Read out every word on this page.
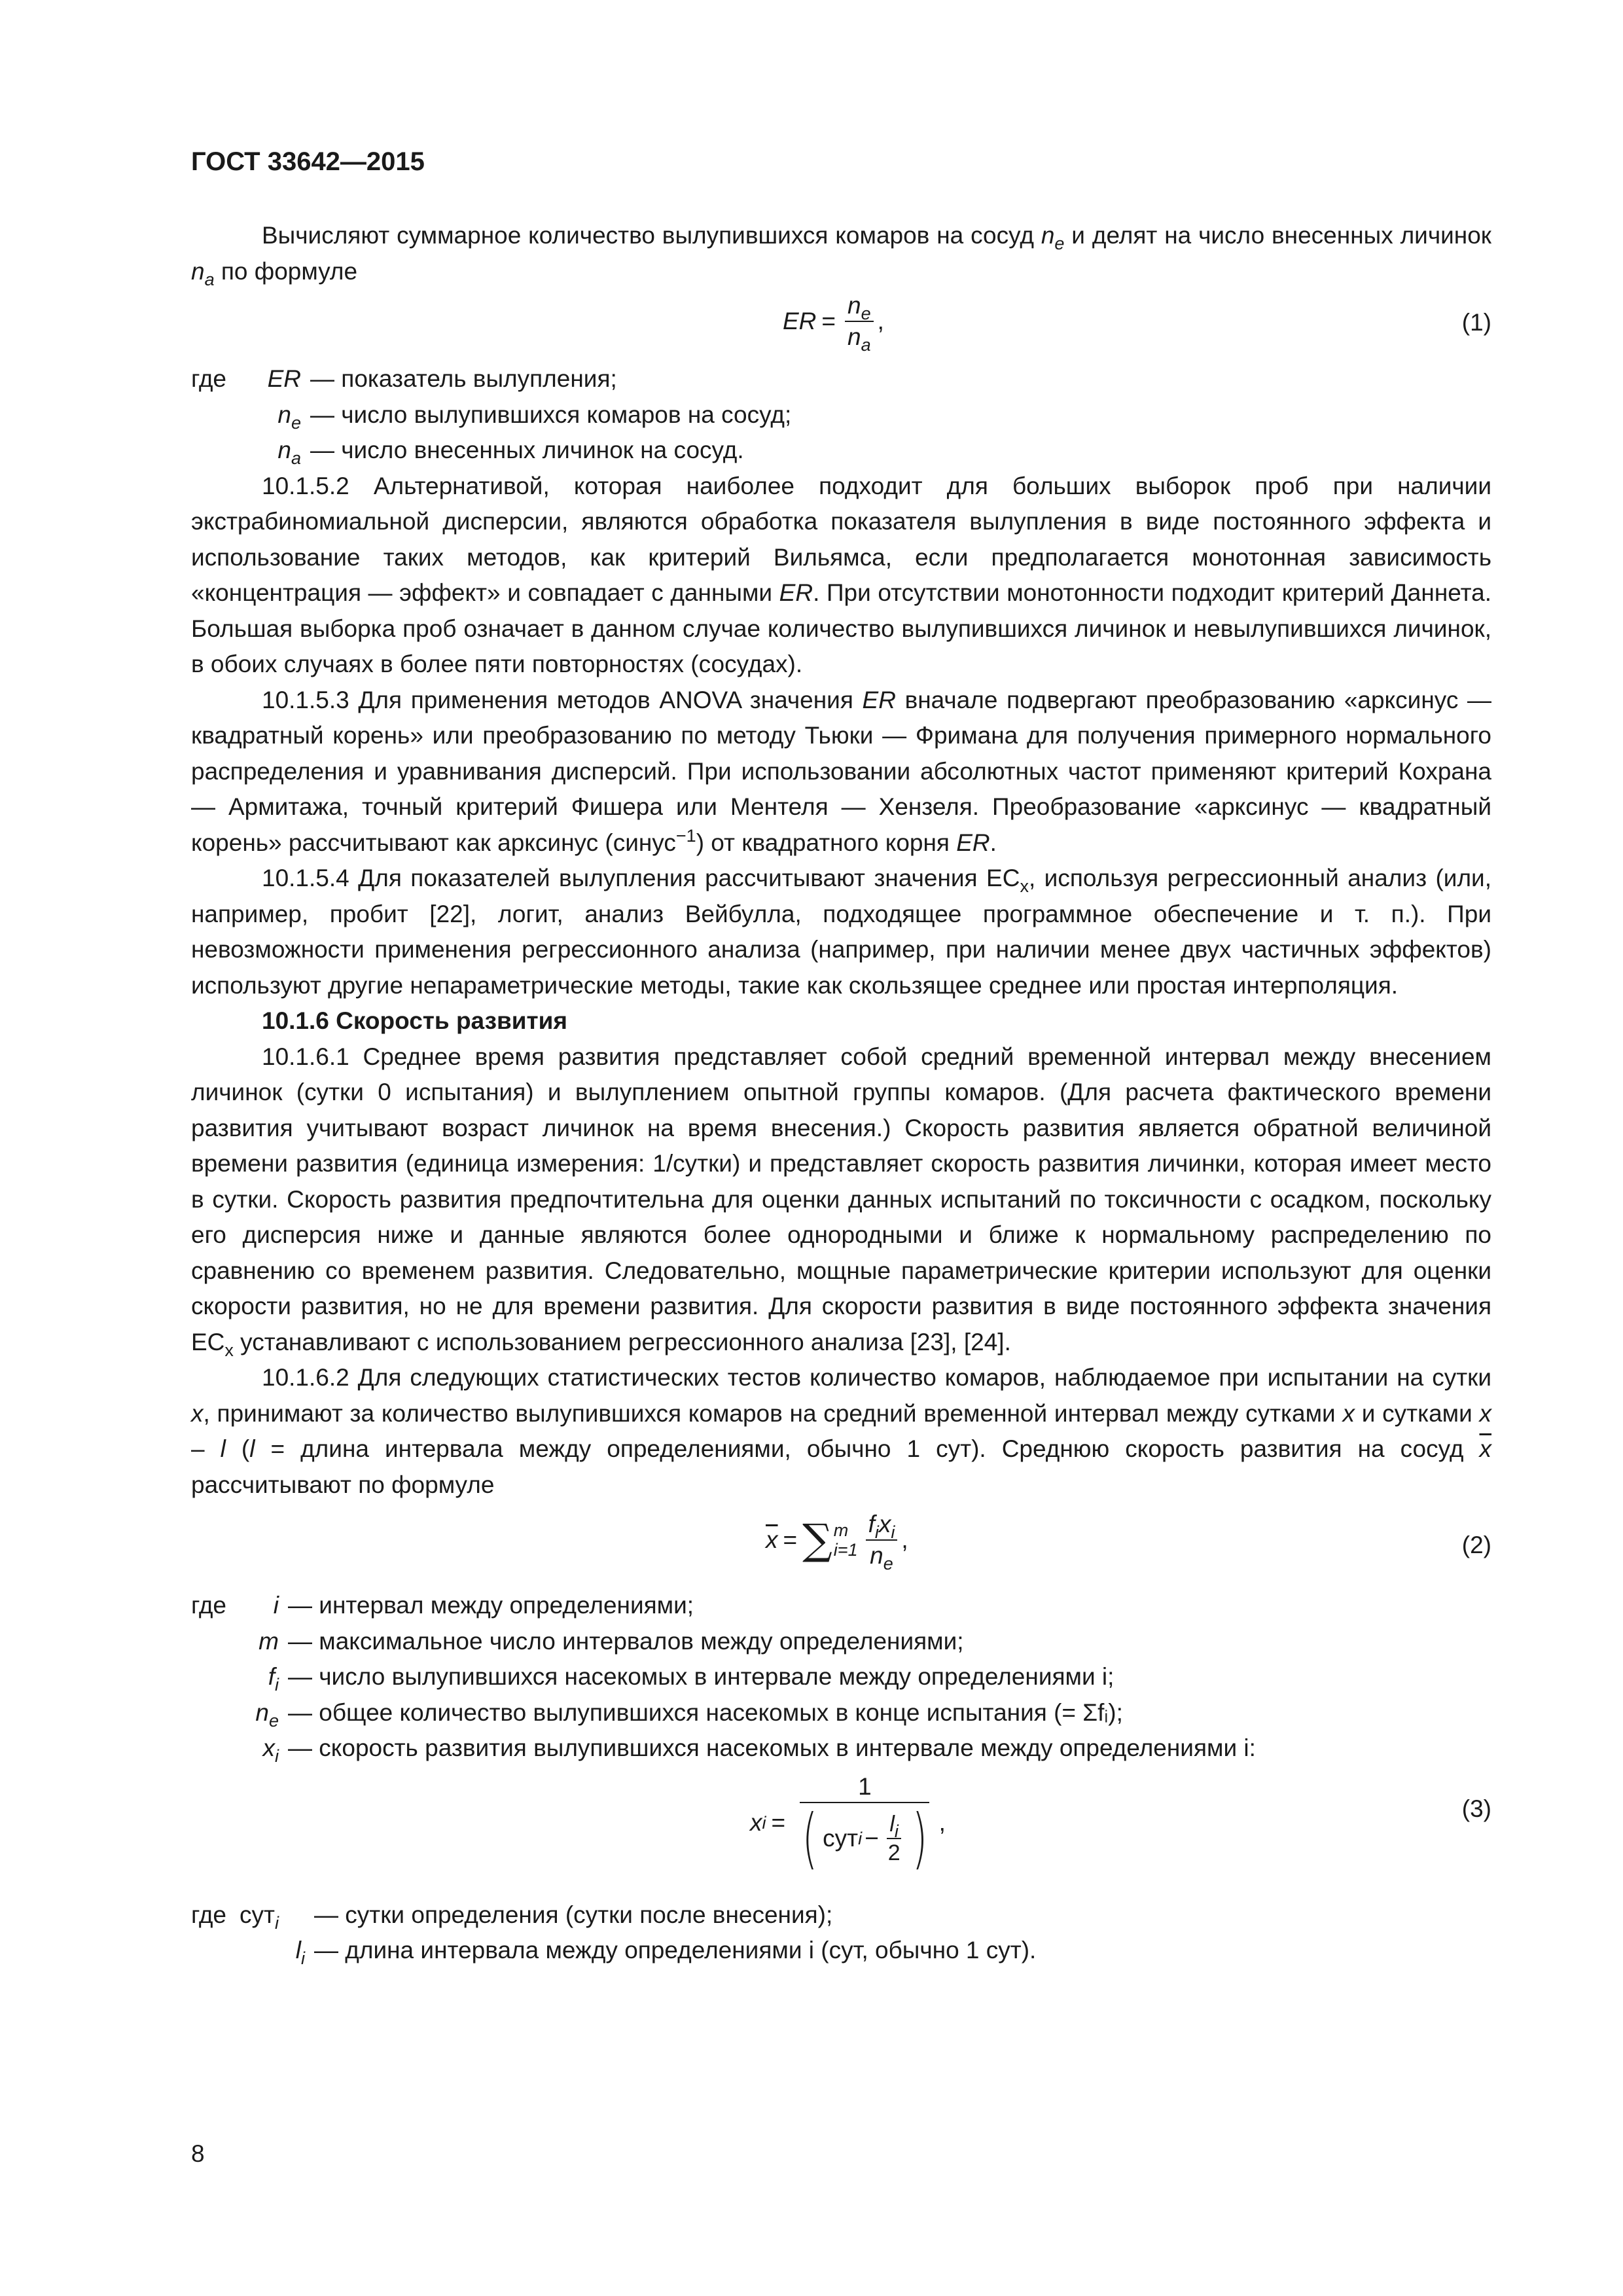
ГОСТ 33642—2015

Вычисляют суммарное количество вылупившихся комаров на сосуд $n_e$ и делят на число внесенных личинок $n_a$ по формуле

ER = $\frac{n_e}{n_a}$ ,	(1)
где	ER — показатель вылупления;
$n_e$ — число вылупившихся комаров на сосуд;
$n_a$ — число внесенных личинок на сосуд.

10.1.5.2 Альтернативой, которая наиболее подходит для больших выборок проб при наличии экстрабиномиальной дисперсии, являются обработка показателя вылупления в виде постоянного эффекта и использование таких методов, как критерий Вильямса, если предполагается монотонная зависимость «концентрация — эффект» и совпадает с данными ER. При отсутствии монотонности подходит критерий Даннета. Большая выборка проб означает в данном случае количество вылупившихся личинок и невылупившихся личинок, в обоих случаях в более пяти повторностях (сосудах).

10.1.5.3 Для применения методов ANOVA значения ER вначале подвергают преобразованию «арксинус — квадратный корень» или преобразованию по методу Тьюки — Фримана для получения примерного нормального распределения и уравнивания дисперсий. При использовании абсолютных частот применяют критерий Кохрана — Армитажа, точный критерий Фишера или Ментеля — Хензеля. Преобразование «арксинус — квадратный корень» рассчитывают как арксинус (синус$^{-1}$) от квадратного корня ER.

10.1.5.4 Для показателей вылупления рассчитывают значения $EC_x$, используя регрессионный анализ (или, например, пробит [22], логит, анализ Вейбулла, подходящее программное обеспечение и т. п.). При невозможности применения регрессионного анализа (например, при наличии менее двух частичных эффектов) используют другие непараметрические методы, такие как скользящее среднее или простая интерполяция.

10.1.6 Скорость развития

10.1.6.1 Среднее время развития представляет собой средний временной интервал между внесением личинок (сутки 0 испытания) и вылуплением опытной группы комаров. (Для расчета фактического времени развития учитывают возраст личинок на время внесения.) Скорость развития является обратной величиной времени развития (единица измерения: 1/сутки) и представляет скорость развития личинки, которая имеет место в сутки. Скорость развития предпочтительна для оценки данных испытаний по токсичности с осадком, поскольку его дисперсия ниже и данные являются более однородными и ближе к нормальному распределению по сравнению со временем развития. Следовательно, мощные параметрические критерии используют для оценки скорости развития, но не для времени развития. Для скорости развития в виде постоянного эффекта значения $EC_x$ устанавливают с использованием регрессионного анализа [23], [24].

10.1.6.2 Для следующих статистических тестов количество комаров, наблюдаемое при испытании на сутки x, принимают за количество вылупившихся комаров на средний временной интервал между сутками x и сутками x – l (l = длина интервала между определениями, обычно 1 сут). Среднюю скорость развития на сосуд $\overline{x}$ рассчитывают по формуле

$\overline{x}$ = ∑ m
$i=1 \frac{f_ix_i}{n_e}$ ,	(2)
где	i — интервал между определениями;
m — максимальное число интервалов между определениями;
$f_i$ — число вылупившихся насекомых в интервале между определениями i;
$n_e$ — общее количество вылупившихся насекомых в конце испытания (= Σfᵢ);
$x_i$ — скорость развития вылупившихся насекомых в интервале между определениями i:
x i =
1
( сут $i - \frac{l_i}{2}$ ) ,
(3)
где сут$_i$	— сутки определения (сутки после внесения);
$l_i$ — длина интервала между определениями i (сут, обычно 1 сут).
8
